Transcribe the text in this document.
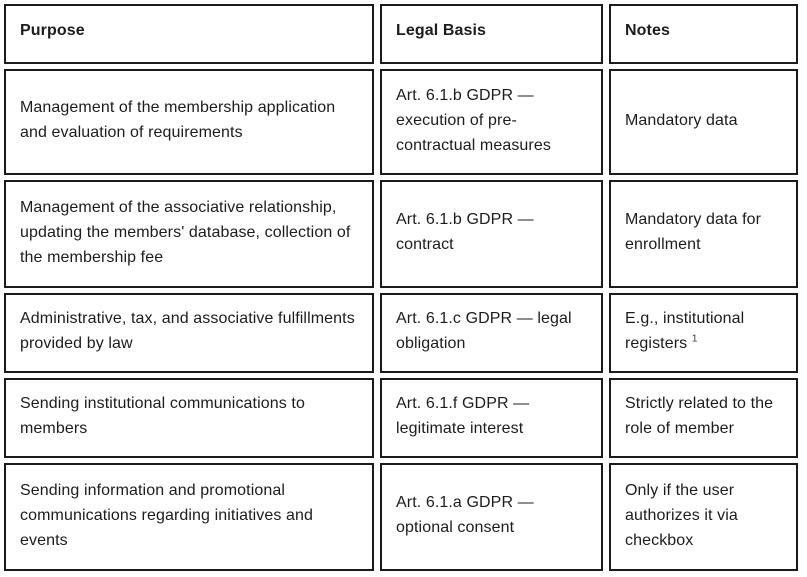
Purpose	Legal Basis	Notes
Management of the membership application and evaluation of requirements
Art. 6.1.b GDPR — execution of pre-contractual measures
Mandatory data
Management of the associative relationship, updating the members' database, collection of the membership fee
Art. 6.1.b GDPR — contract
Mandatory data for enrollment
Administrative, tax, and associative fulfillments provided by law
Art. 6.1.c GDPR — legal obligation
E.g., institutional registers $^1$
Sending institutional communications to members
Art. 6.1.f GDPR — legitimate interest
Strictly related to the role of member
Sending information and promotional communications regarding initiatives and events
Art. 6.1.a GDPR — optional consent
Only if the user authorizes it via checkbox
